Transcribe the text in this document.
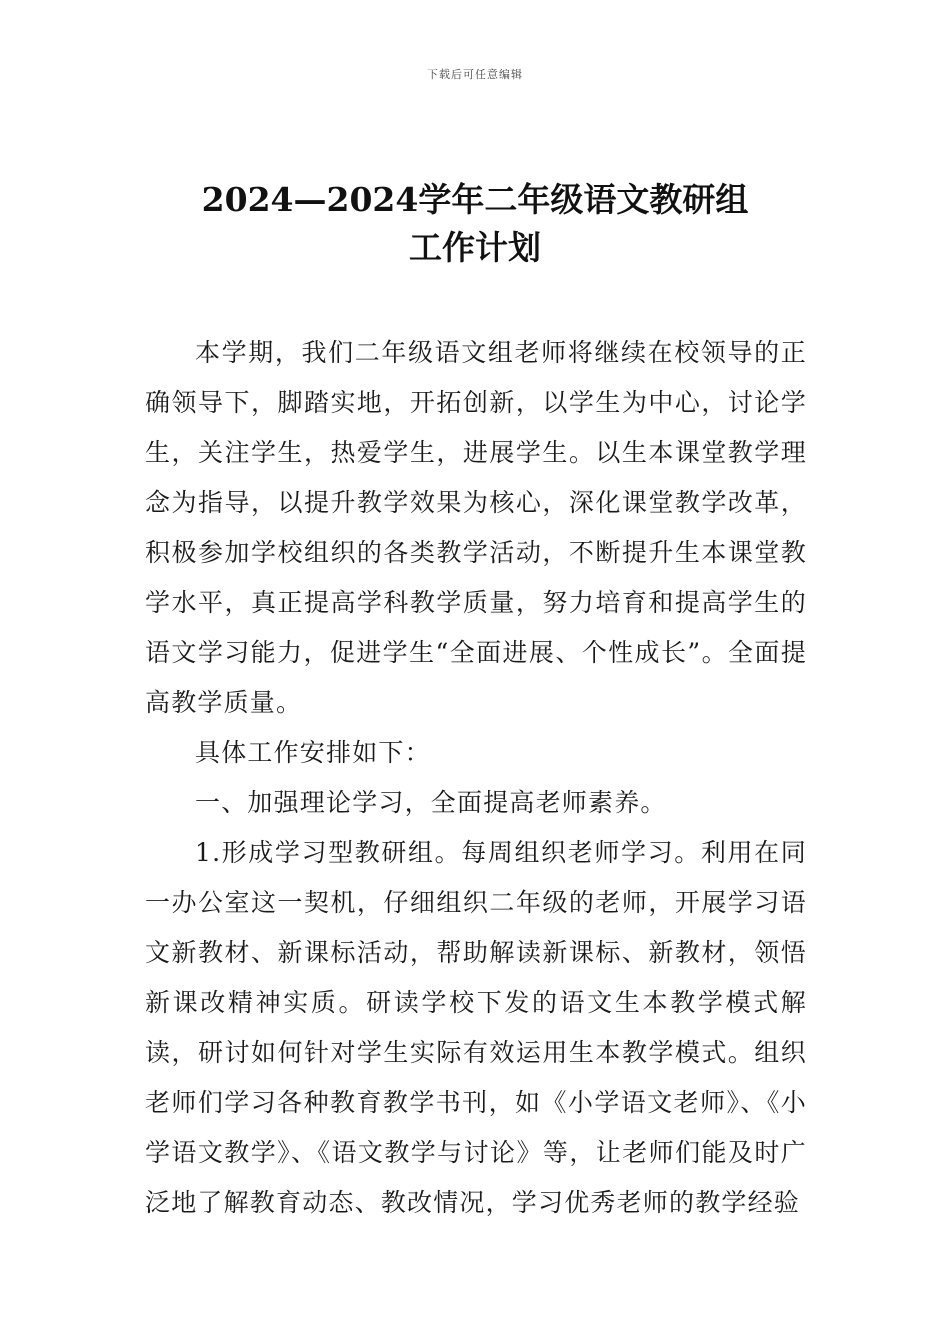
下载后可任意编辑
2024—2024学年二年级语文教研组
工作计划

本学期，我们二年级语文组老师将继续在校领导的正确领导下，脚踏实地，开拓创新，以学生为中心，讨论学生，关注学生，热爱学生，进展学生。以生本课堂教学理念为指导，以提升教学效果为核心，深化课堂教学改革，积极参加学校组织的各类教学活动，不断提升生本课堂教学水平，真正提高学科教学质量，努力培育和提高学生的语文学习能力，促进学生“全面进展、个性成长”。全面提高教学质量。

具体工作安排如下：

一、加强理论学习，全面提高老师素养。

1.形成学习型教研组。每周组织老师学习。利用在同一办公室这一契机，仔细组织二年级的老师，开展学习语文新教材、新课标活动，帮助解读新课标、新教材，领悟新课改精神实质。研读学校下发的语文生本教学模式解读，研讨如何针对学生实际有效运用生本教学模式。组织老师们学习各种教育教学书刊，如《小学语文老师》、《小学语文教学》、《语文教学与讨论》等，让老师们能及时广泛地了解教育动态、教改情况，学习优秀老师的教学经验
